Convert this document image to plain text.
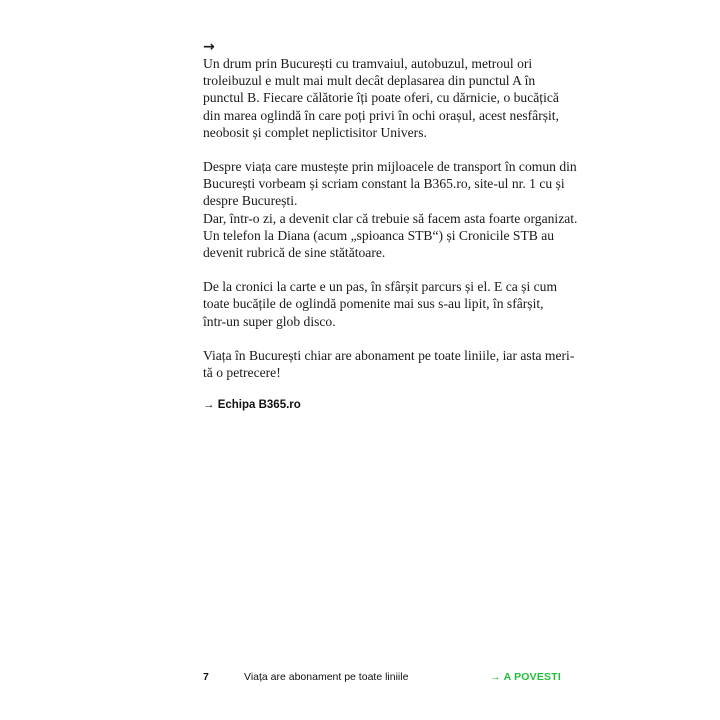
→

Un drum prin București cu tramvaiul, autobuzul, metroul ori
troleibuzul e mult mai mult decât deplasarea din punctul A în
punctul B. Fiecare călătorie îți poate oferi, cu dărnicie, o bucățică
din marea oglindă în care poți privi în ochi orașul, acest nesfârșit,
neobosit și complet neplictisitor Univers.

Despre viața care mustește prin mijloacele de transport în comun din
București vorbeam și scriam constant la B365.ro, site-ul nr. 1 cu și
despre București.
Dar, într-o zi, a devenit clar că trebuie să facem asta foarte organizat.
Un telefon la Diana (acum „spioanca STB“) și Cronicile STB au
devenit rubrică de sine stătătoare.

De la cronici la carte e un pas, în sfârșit parcurs și el. E ca și cum
toate bucățile de oglindă pomenite mai sus s-au lipit, în sfârșit,
într-un super glob disco.

Viața în București chiar are abonament pe toate liniile, iar asta meri-
tă o petrecere!

→ Echipa B365.ro
7	Viața are abonament pe toate liniile	→ A POVESTI
